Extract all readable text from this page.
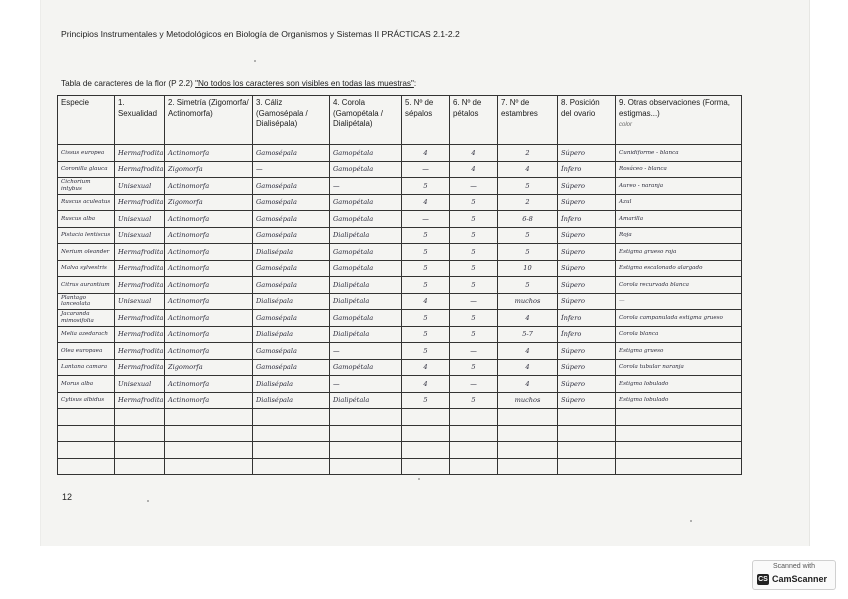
Principios Instrumentales y Metodológicos en Biología de Organismos y Sistemas II PRÁCTICAS 2.1-2.2
Tabla de caracteres de la flor (P 2.2) "No todos los caracteres son visibles en todas las muestras":
Especie	1. Sexualidad	2. Simetría (Zigomorfa/ Actinomorfa)	3. Cáliz (Gamosépala / Dialisépala)	4. Corola (Gamopétala / Dialipétala)	5. Nº de sépalos	6. Nº de pétalos	7. Nº de estambres	8. Posición del ovario	9. Otras observaciones (Forma, estigmas...)
color

Cissus europea	Hermafrodita	Actinomorfa	Gamosépala	Gamopétala	4	4	2	Súpero	Cunidiforme - blanca
Coronilla glauca	Hermafrodita	Zigomorfa	—	Gamopétala	—	4	4	Ínfero	Rosáceo - blanca
Cichorium intybus	Unisexual	Actinomorfa	Gamosépala	—	5	—	5	Súpero	Aureo - naranja
Ruscus aculeatus	Hermafrodita	Zigomorfa	Gamosépala	Gamopétala	4	5	2	Súpero	Azul
Ruscus alba	Unisexual	Actinomorfa	Gamosépala	Gamopétala	—	5	6-8	Ínfero	Amarilla
Pistacia lentiscus	Unisexual	Actinomorfa	Gamosépala	Dialipétala	5	5	5	Súpero	Roja
Nerium oleander	Hermafrodita	Actinomorfa	Dialisépala	Gamopétala	5	5	5	Súpero	Estigma grueso roja
Malva sylvestris	Hermafrodita	Actinomorfa	Gamosépala	Gamopétala	5	5	10	Súpero	Estigma escalonado alargado
Citrus aurantium	Hermafrodita	Actinomorfa	Gamosépala	Dialipétala	5	5	5	Súpero	Corola recurvada blanca
Plantago lanceolata	Unisexual	Actinomorfa	Dialisépala	Dialipétala	4	—	muchos	Súpero	—
Jacaranda mimosifolia	Hermafrodita	Actinomorfa	Gamosépala	Gamopétala	5	5	4	Ínfero	Corola campanulada estigma grueso
Melia azedarach	Hermafrodita	Actinomorfa	Dialisépala	Dialipétala	5	5	5-7	Ínfero	Corola blanca
Olea europaea	Hermafrodita	Actinomorfa	Gamosépala	—	5	—	4	Súpero	Estigma grueso
Lantana camara	Hermafrodita	Zigomorfa	Gamosépala	Gamopétala	4	5	4	Súpero	Corola tubular naranja
Morus alba	Unisexual	Actinomorfa	Dialisépala	—	4	—	4	Súpero	Estigma lobulado
Cytisus albidus	Hermafrodita	Actinomorfa	Dialisépala	Dialipétala	5	5	muchos	Súpero	Estigma lobulado

12
Scanned with
CS CamScanner
